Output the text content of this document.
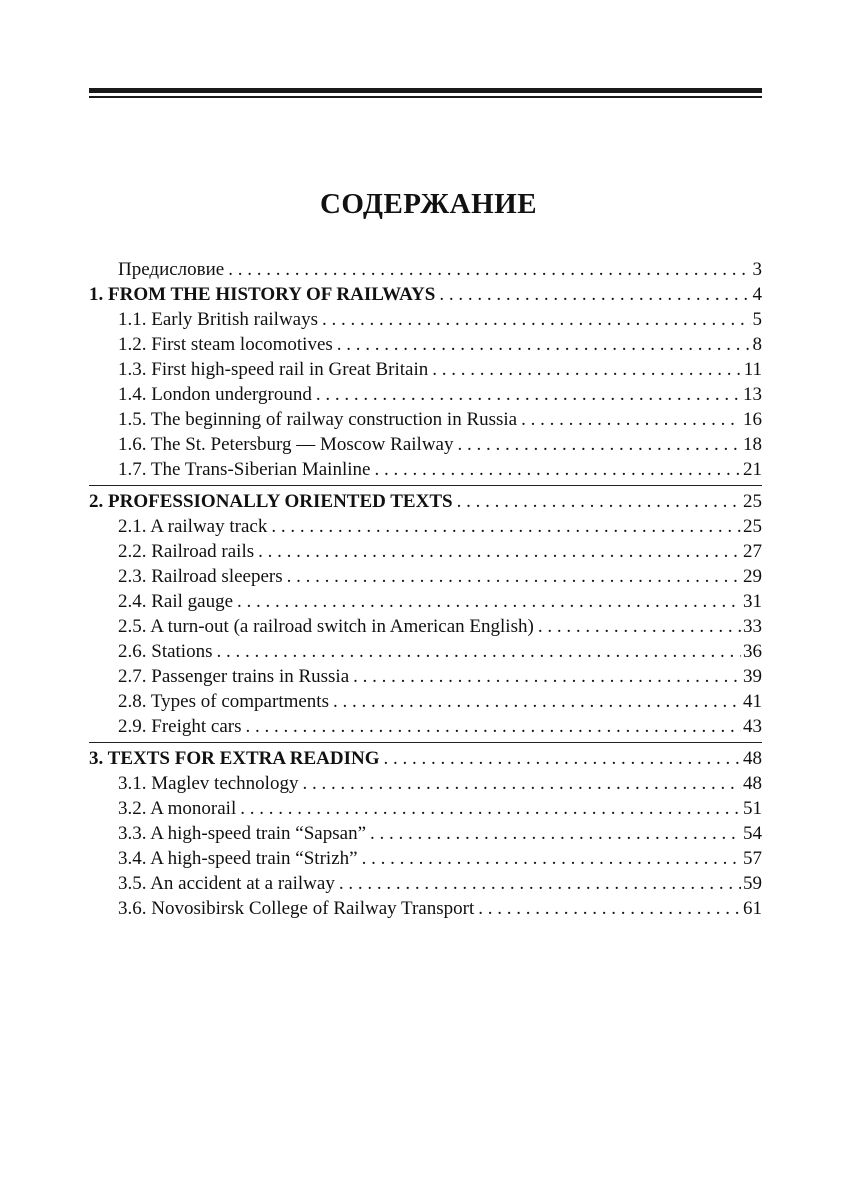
СОДЕРЖАНИЕ
Предисловие . . .	3
1. FROM THE HISTORY OF RAILWAYS . . .	4
1.1. Early British railways . . .	5
1.2. First steam locomotives . . .	8
1.3. First high-speed rail in Great Britain . . .	11
1.4. London underground . . .	13
1.5. The beginning of railway construction in Russia . . .	16
1.6. The St. Petersburg — Moscow Railway . . .	18
1.7. The Trans-Siberian Mainline . . .	21
2. PROFESSIONALLY ORIENTED TEXTS . . .	25
2.1. A railway track . . .	25
2.2. Railroad rails . . .	27
2.3. Railroad sleepers . . .	29
2.4. Rail gauge . . .	31
2.5. A turn-out (a railroad switch in American English) . . .	33
2.6. Stations . . .	36
2.7. Passenger trains in Russia . . .	39
2.8. Types of compartments . . .	41
2.9. Freight cars . . .	43
3. TEXTS FOR EXTRA READING . . .	48
3.1. Maglev technology . . .	48
3.2. A monorail . . .	51
3.3. A high-speed train “Sapsan” . . .	54
3.4. A high-speed train “Strizh” . . .	57
3.5. An accident at a railway . . .	59
3.6. Novosibirsk College of Railway Transport . . .	61
